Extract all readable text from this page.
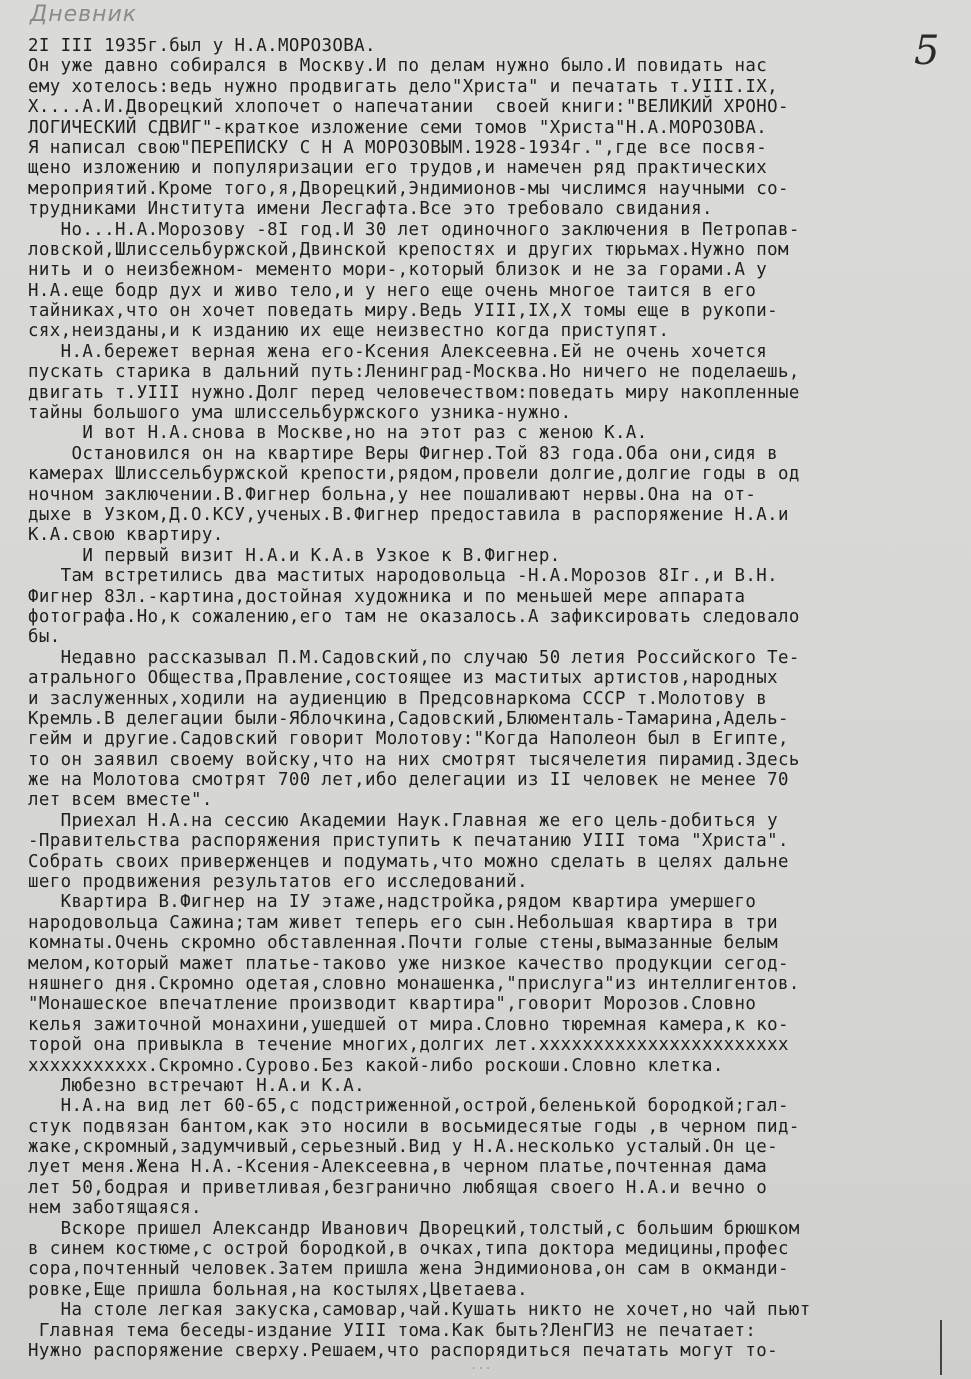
Дневник
5
2I III 1935г.был у Н.А.МОРОЗОВА.
Он уже давно собирался в Москву.И по делам нужно было.И повидать нас
ему хотелось:ведь нужно продвигать дело"Христа" и печатать т.УIII.IX,
X....А.И.Дворецкий хлопочет о напечатании  своей книги:"ВЕЛИКИЙ ХРОНО-
ЛОГИЧЕСКИЙ СДВИГ"-краткое изложение семи томов "Христа"Н.А.МОРОЗОВА.
Я написал свою"ПЕРЕПИСКУ С Н А МОРОЗОВЫМ.1928-1934г.",где все посвя-
щено изложению и популяризации его трудов,и намечен ряд практических
мероприятий.Кроме того,я,Дворецкий,Эндимионов-мы числимся научными со-
трудниками Института имени Лесгафта.Все это требовало свидания.
Но...Н.А.Морозову -8I год.И 30 лет одиночного заключения в Петропав-
ловской,Шлиссельбуржской,Двинской крепостях и других тюрьмах.Нужно пом
нить и о неизбежном- мементо мори-,который близок и не за горами.А у
Н.А.еще бодр дух и живо тело,и у него еще очень многое таится в его
тайниках,что он хочет поведать миру.Ведь УIII,IX,X томы еще в рукопи-
сях,неизданы,и к изданию их еще неизвестно когда приступят.
Н.А.бережет верная жена его-Ксения Алексеевна.Ей не очень хочется
пускать старика в дальний путь:Ленинград-Москва.Но ничего не поделаешь,
двигать т.УIII нужно.Долг перед человечеством:поведать миру накопленные
тайны большого ума шлиссельбуржского узника-нужно.
И вот Н.А.снова в Москве,но на этот раз с женою К.А.
Остановился он на квартире Веры Фигнер.Той 83 года.Оба они,сидя в
камерах Шлиссельбуржской крепости,рядом,провели долгие,долгие годы в од
ночном заключении.В.Фигнер больна,у нее пошаливают нервы.Она на от-
дыхе в Узком,Д.О.КСУ,ученых.В.Фигнер предоставила в распоряжение Н.А.и
К.А.свою квартиру.
И первый визит Н.А.и К.А.в Узкое к В.Фигнер.
Там встретились два маститых народовольца -Н.А.Морозов 8Iг.,и В.Н.
Фигнер 83л.-картина,достойная художника и по меньшей мере аппарата
фотографа.Но,к сожалению,его там не оказалось.А зафиксировать следовало
бы.
Недавно рассказывал П.М.Садовский,по случаю 50 летия Российского Те-
атрального Общества,Правление,состоящее из маститых артистов,народных
и заслуженных,ходили на аудиенцию в Предсовнаркома СССР т.Молотову в
Кремль.В делегации были-Яблочкина,Садовский,Блюменталь-Тамарина,Адель-
гейм и другие.Садовский говорит Молотову:"Когда Наполеон был в Египте,
то он заявил своему войску,что на них смотрят тысячелетия пирамид.Здесь
же на Молотова смотрят 700 лет,ибо делегации из II человек не менее 70
лет всем вместе".
Приехал Н.А.на сессию Академии Наук.Главная же его цель-добиться у
-Правительства распоряжения приступить к печатанию УIII тома "Христа".
Собрать своих приверженцев и подумать,что можно сделать в целях дальне
шего продвижения результатов его исследований.
Квартира В.Фигнер на IУ этаже,надстройка,рядом квартира умершего
народовольца Сажина;там живет теперь его сын.Небольшая квартира в три
комнаты.Очень скромно обставленная.Почти голые стены,вымазанные белым
мелом,который мажет платье-таково уже низкое качество продукции сегод-
няшнего дня.Скромно одетая,словно монашенка,"прислуга"из интеллигентов.
"Монашеское впечатление производит квартира",говорит Морозов.Словно
келья зажиточной монахини,ушедшей от мира.Словно тюремная камера,к ко-
торой она привыкла в течение многих,долгих лет.xxxxxxxxxxxxxxxxxxxxxxx
xxxxxxxxxxx.Скромно.Сурово.Без какой-либо роскоши.Словно клетка.
Любезно встречают Н.А.и К.А.
Н.А.на вид лет 60-65,с подстриженной,острой,беленькой бородкой;гал-
стук подвязан бантом,как это носили в восьмидесятые годы ,в черном пид-
жаке,скромный,задумчивый,серьезный.Вид у Н.А.несколько усталый.Он це-
лует меня.Жена Н.А.-Ксения-Алексеевна,в черном платье,почтенная дама
лет 50,бодрая и приветливая,безгранично любящая своего Н.А.и вечно о
нем заботящаяся.
Вскоре пришел Александр Иванович Дворецкий,толстый,с большим брюшком
в синем костюме,с острой бородкой,в очках,типа доктора медицины,профес
сора,почтенный человек.Затем пришла жена Эндимионова,он сам в окманди-
ровке,Еще пришла больная,на костылях,Цветаева.
На столе легкая закуска,самовар,чай.Кушать никто не хочет,но чай пьют
Главная тема беседы-издание УIII тома.Как быть?ЛенГИЗ не печатает:
Нужно распоряжение сверху.Решаем,что распорядиться печатать могут то-
...
